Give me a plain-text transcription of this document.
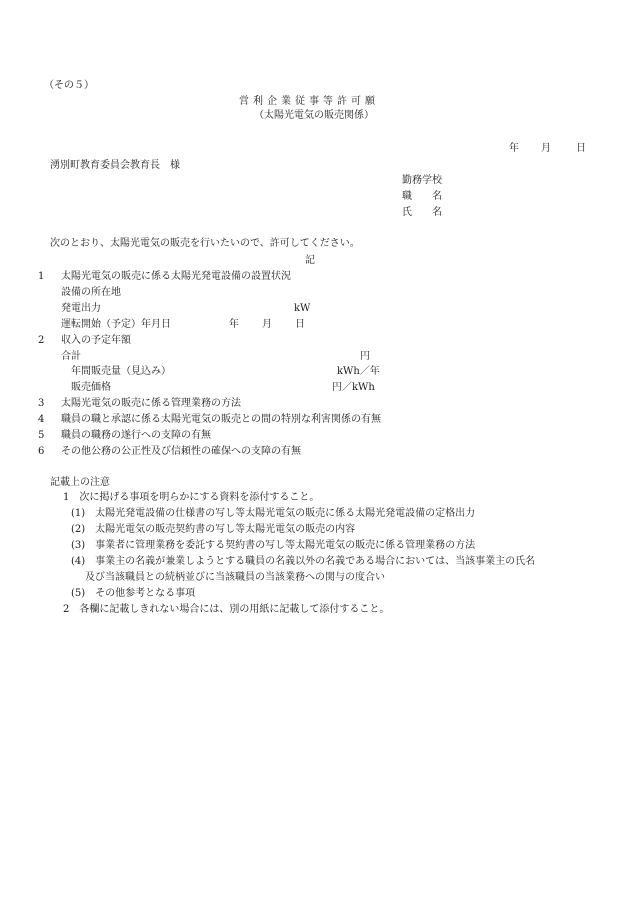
（その５）
営利企業従事等許可願
（太陽光電気の販売関係）
年 月	日
湧別町教育委員会教育長　様
勤務学校
職　　名
氏　　名
次のとおり、太陽光電気の販売を行いたいので、許可してください。
記
1 太陽光電気の販売に係る太陽光発電設備の設置状況
設備の所在地
発電出力	kW
運転開始（予定）年月日	年 月 日
2 収入の予定年額
合計	円
年間販売量（見込み）	kWh／年
販売価格	円／kWh
3 太陽光電気の販売に係る管理業務の方法
4 職員の職と承認に係る太陽光電気の販売との間の特別な利害関係の有無
5 職員の職務の遂行への支障の有無
6 その他公務の公正性及び信頼性の確保への支障の有無
記載上の注意
1　次に掲げる事項を明らかにする資料を添付すること。
(1)　太陽光発電設備の仕様書の写し等太陽光電気の販売に係る太陽光発電設備の定格出力
(2)　太陽光電気の販売契約書の写し等太陽光電気の販売の内容
(3)　事業者に管理業務を委託する契約書の写し等太陽光電気の販売に係る管理業務の方法
(4)　事業主の名義が兼業しようとする職員の名義以外の名義である場合においては、当該事業主の氏名
及び当該職員との続柄並びに当該職員の当該業務への関与の度合い
(5)　その他参考となる事項
2　各欄に記載しきれない場合には、別の用紙に記載して添付すること。
